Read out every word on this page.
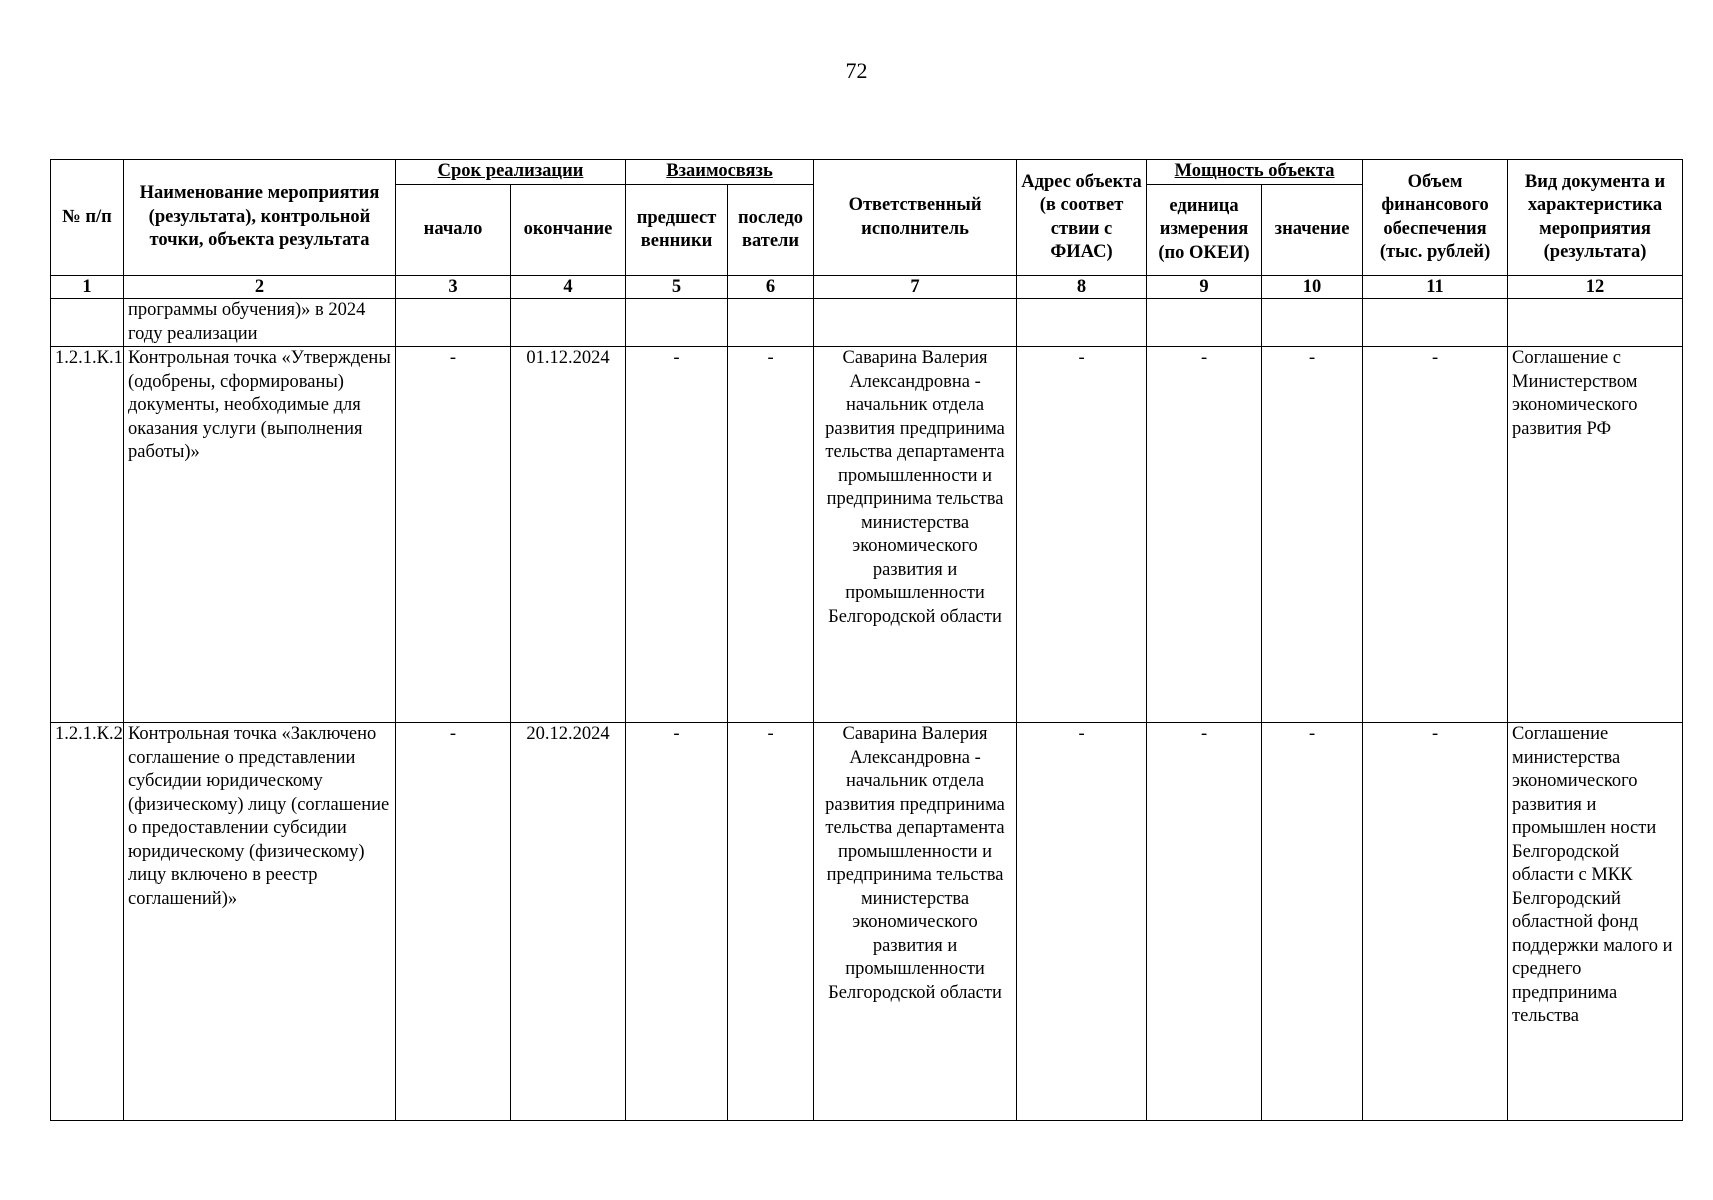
72
№ п/п	Наименование мероприятия (результата), контрольной точки, объекта результата	Срок реализации		Взаимосвязь		Ответственный исполнитель	Адрес объекта (в соответ ствии с ФИАС)	Мощность объекта		Объем финансового обеспечения (тыс. рублей)	Вид документа и характеристика мероприятия (результата)
		начало	окончание	предшест венники	последо ватели			единица измерения (по ОКЕИ)	значение		
1	2	3	4	5	6	7	8	9	10	11	12
	программы обучения)» в 2024 году реализации										
1.2.1.К.1	Контрольная точка «Утверждены (одобрены, сформированы) документы, необходимые для оказания услуги (выполнения работы)»	-	01.12.2024	-	-	Саварина Валерия Александровна - начальник отдела развития предпринима тельства департамента промышленности и предпринима тельства министерства экономического развития и промышленности Белгородской области	-	-	-	-	Соглашение с Министерством экономического развития РФ
1.2.1.К.2	Контрольная точка «Заключено соглашение о представлении субсидии юридическому (физическому) лицу (соглашение о предоставлении субсидии юридическому (физическому) лицу включено в реестр соглашений)»	-	20.12.2024	-	-	Саварина Валерия Александровна - начальник отдела развития предпринима тельства департамента промышленности и предпринима тельства министерства экономического развития и промышленности Белгородской области	-	-	-	-	Соглашение министерства экономического развития и промышлен ности Белгородской области с МКК Белгородский областной фонд поддержки малого и среднего предпринима тельства
